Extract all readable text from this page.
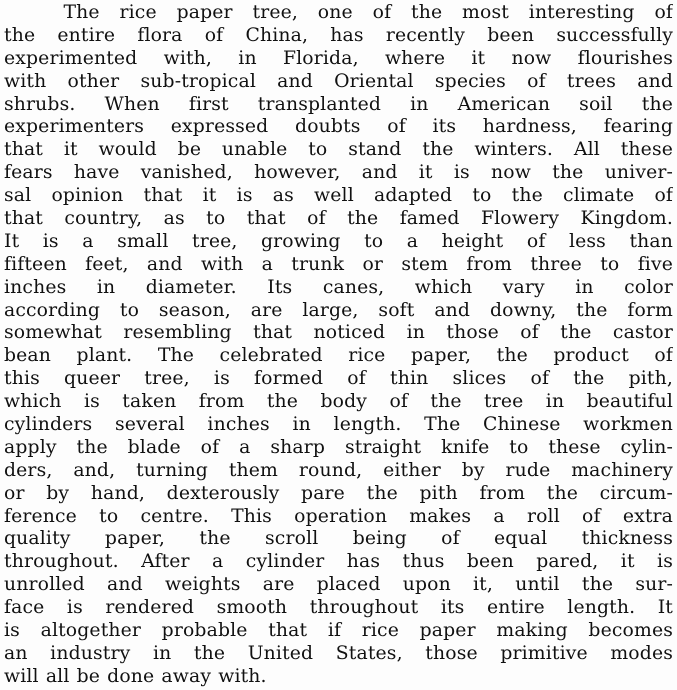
The rice paper tree, one of the most interesting of
the entire flora of China, has recently been successfully
experimented with, in Florida, where it now flourishes
with other sub-tropical and Oriental species of trees and
shrubs. When first transplanted in American soil the
experimenters expressed doubts of its hardness, fearing
that it would be unable to stand the winters. All these
fears have vanished, however, and it is now the univer-
sal opinion that it is as well adapted to the climate of
that country, as to that of the famed Flowery Kingdom.
It is a small tree, growing to a height of less than
fifteen feet, and with a trunk or stem from three to five
inches in diameter. Its canes, which vary in color
according to season, are large, soft and downy, the form
somewhat resembling that noticed in those of the castor
bean plant. The celebrated rice paper, the product of
this queer tree, is formed of thin slices of the pith,
which is taken from the body of the tree in beautiful
cylinders several inches in length. The Chinese workmen
apply the blade of a sharp straight knife to these cylin-
ders, and, turning them round, either by rude machinery
or by hand, dexterously pare the pith from the circum-
ference to centre. This operation makes a roll of extra
quality paper, the scroll being of equal thickness
throughout. After a cylinder has thus been pared, it is
unrolled and weights are placed upon it, until the sur-
face is rendered smooth throughout its entire length. It
is altogether probable that if rice paper making becomes
an industry in the United States, those primitive modes
will all be done away with.
